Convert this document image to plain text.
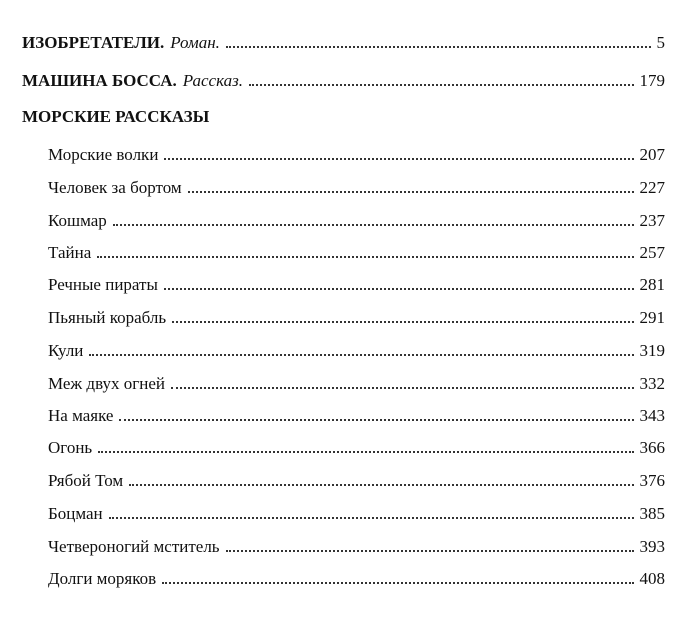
ИЗОБРЕТАТЕЛИ. Роман.	5
МАШИНА БОССА. Рассказ.	179
МОРСКИЕ РАССКАЗЫ
Морские волки	207
Человек за бортом	227
Кошмар	237
Тайна	257
Речные пираты	281
Пьяный корабль	291
Кули	319
Меж двух огней	332
На маяке	343
Огонь	366
Рябой Том	376
Боцман	385
Четвероногий мститель	393
Долги моряков	408
